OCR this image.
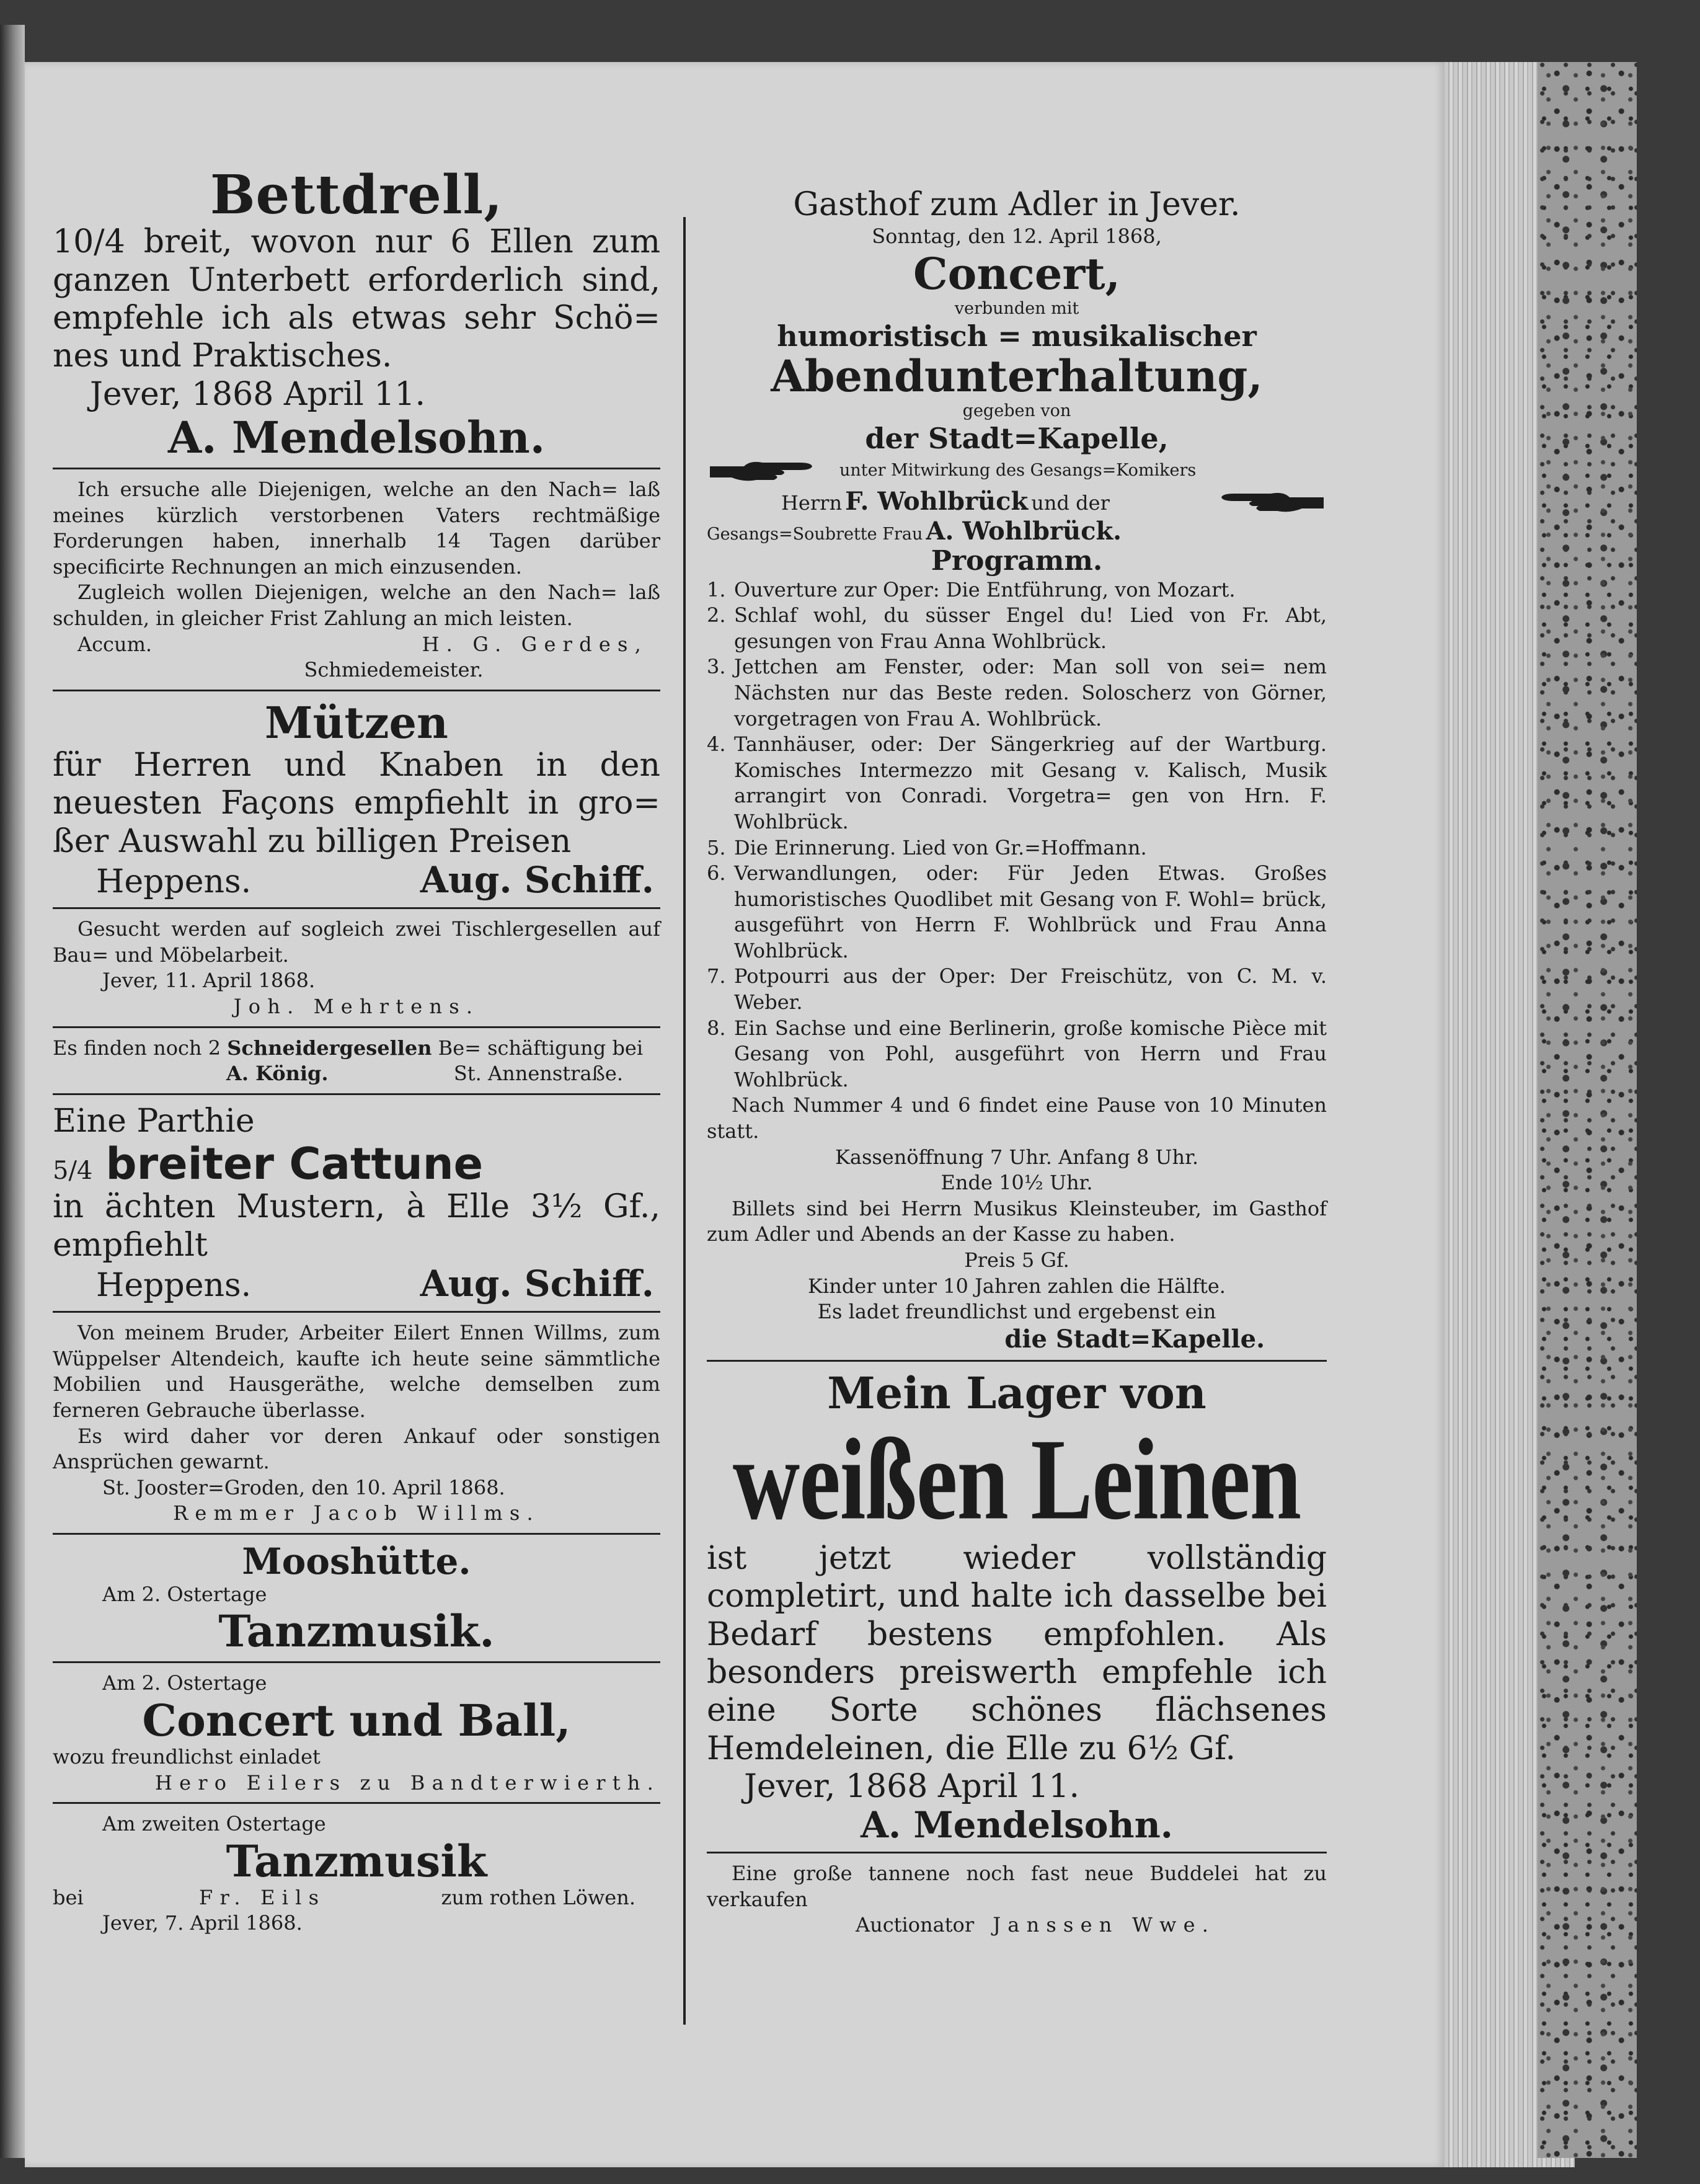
Bettdrell,
10/4 breit, wovon nur 6 Ellen zum ganzen Unterbett erforderlich sind, empfehle ich als etwas sehr Schö= nes und Praktisches.
Jever, 1868 April 11.
A. Mendelsohn.
Ich ersuche alle Diejenigen, welche an den Nach= laß meines kürzlich verstorbenen Vaters rechtmäßige Forderungen haben, innerhalb 14 Tagen darüber specificirte Rechnungen an mich einzusenden.
Zugleich wollen Diejenigen, welche an den Nach= laß schulden, in gleicher Frist Zahlung an mich leisten.
Accum.	H. G. Gerdes,
Schmiedemeister.
Mützen
für Herren und Knaben in den neuesten Façons empfiehlt in gro= ßer Auswahl zu billigen Preisen
Heppens.	Aug. Schiff.
Gesucht werden auf sogleich zwei Tischlergesellen auf Bau= und Möbelarbeit.
Jever, 11. April 1868.
Joh. Mehrtens.
Es finden noch 2 Schneidergesellen Be= schäftigung bei
A. König.	St. Annenstraße.
Eine Parthie
5/4 breiter Cattune
in ächten Mustern, à Elle 3½ Gf., empfiehlt
Heppens.	Aug. Schiff.
Von meinem Bruder, Arbeiter Eilert Ennen Willms, zum Wüppelser Altendeich, kaufte ich heute seine sämmtliche Mobilien und Hausgeräthe, welche demselben zum ferneren Gebrauche überlasse.
Es wird daher vor deren Ankauf oder sonstigen Ansprüchen gewarnt.
St. Jooster=Groden, den 10. April 1868.
Remmer Jacob Willms.
Mooshütte.
Am 2. Ostertage
Tanzmusik.
Am 2. Ostertage
Concert und Ball,
wozu freundlichst einladet
Hero Eilers zu Bandterwierth.
Am zweiten Ostertage
Tanzmusik
bei	Fr. Eils	zum rothen Löwen.
Jever, 7. April 1868.
Gasthof zum Adler in Jever.
Sonntag, den 12. April 1868,
Concert,
verbunden mit
humoristisch = musikalischer
Abendunterhaltung,
gegeben von
der Stadt=Kapelle,
unter Mitwirkung des Gesangs=Komikers
Herrn F. Wohlbrück und der
Gesangs=Soubrette Frau A. Wohlbrück.
Programm.
1. Ouverture zur Oper: Die Entführung, von Mozart.
2. Schlaf wohl, du süsser Engel du! Lied von Fr. Abt, gesungen von Frau Anna Wohlbrück.
3. Jettchen am Fenster, oder: Man soll von sei= nem Nächsten nur das Beste reden. Soloscherz von Görner, vorgetragen von Frau A. Wohlbrück.
4. Tannhäuser, oder: Der Sängerkrieg auf der Wartburg. Komisches Intermezzo mit Gesang v. Kalisch, Musik arrangirt von Conradi. Vorgetra= gen von Hrn. F. Wohlbrück.
5. Die Erinnerung. Lied von Gr.=Hoffmann.
6. Verwandlungen, oder: Für Jeden Etwas. Großes humoristisches Quodlibet mit Gesang von F. Wohl= brück, ausgeführt von Herrn F. Wohlbrück und Frau Anna Wohlbrück.
7. Potpourri aus der Oper: Der Freischütz, von C. M. v. Weber.
8. Ein Sachse und eine Berlinerin, große komische Pièce mit Gesang von Pohl, ausgeführt von Herrn und Frau Wohlbrück.
Nach Nummer 4 und 6 findet eine Pause von 10 Minuten statt.
Kassenöffnung 7 Uhr. Anfang 8 Uhr.
Ende 10½ Uhr.
Billets sind bei Herrn Musikus Kleinsteuber, im Gasthof zum Adler und Abends an der Kasse zu haben.
Preis 5 Gf.
Kinder unter 10 Jahren zahlen die Hälfte.
Es ladet freundlichst und ergebenst ein
die Stadt=Kapelle.
Mein Lager von
weißen Leinen
ist jetzt wieder vollständig completirt, und halte ich dasselbe bei Bedarf bestens empfohlen. Als besonders preiswerth empfehle ich eine Sorte schönes flächsenes Hemdeleinen, die Elle zu 6½ Gf.
Jever, 1868 April 11.
A. Mendelsohn.
Eine große tannene noch fast neue Buddelei hat zu verkaufen
Auctionator Janssen Wwe.
